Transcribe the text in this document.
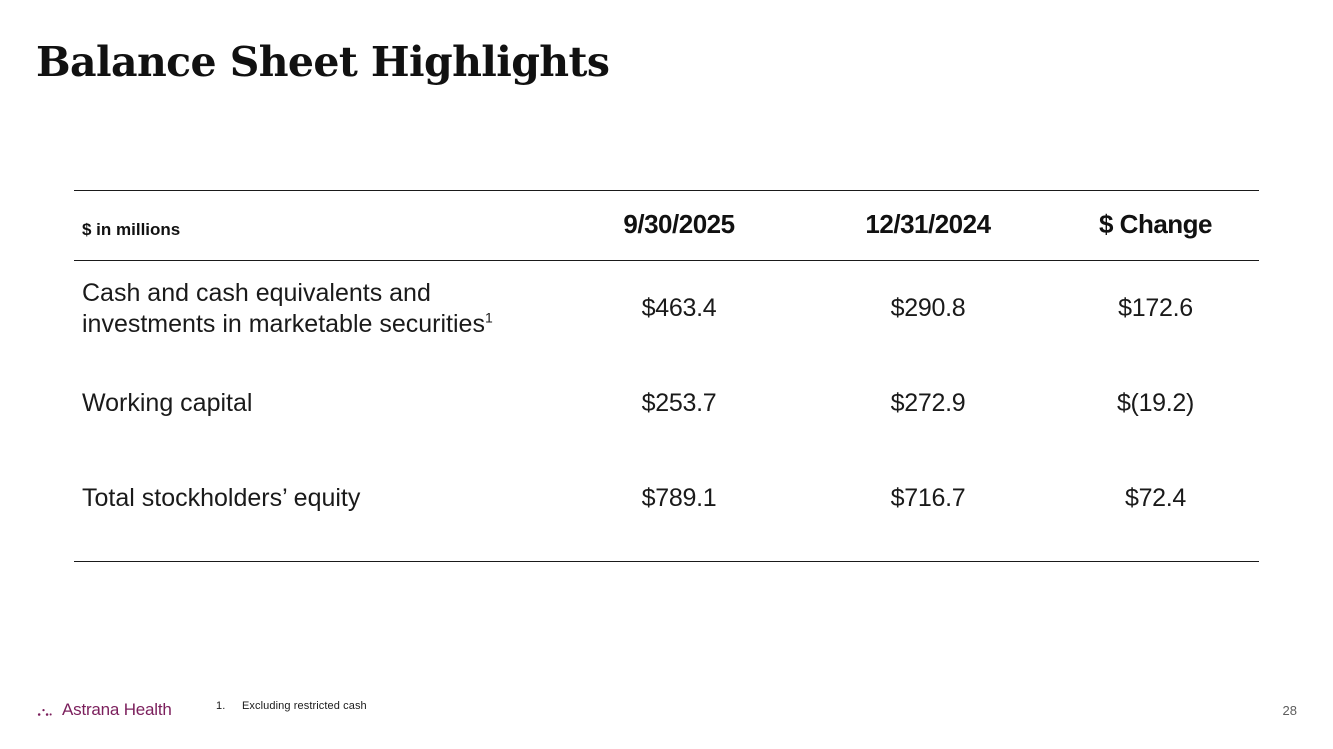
Balance Sheet Highlights
$ in millions	9/30/2025	12/31/2024	$ Change
Cash and cash equivalents and investments in marketable securities$^1$	$463.4	$290.8	$172.6
Working capital	$253.7	$272.9	$(19.2)
Total stockholders’ equity	$789.1	$716.7	$72.4
1. Excluding restricted cash
Astrana Health	28
